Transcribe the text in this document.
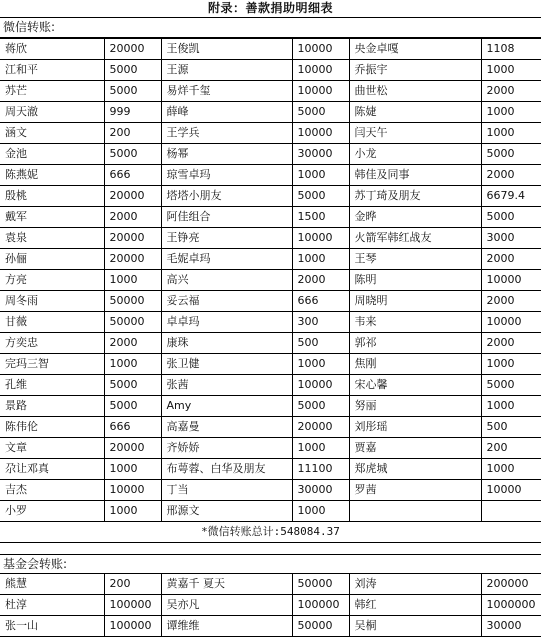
附录：善款捐助明细表
微信转账:
蒋欣	20000	王俊凯	10000	央金卓嘎	1108
江和平	5000	王源	10000	乔振宇	1000
苏芒	5000	易烊千玺	10000	曲世松	2000
周天澈	999	薛峰	5000	陈婕	1000
涵文	200	王学兵	10000	闫天午	1000
金池	5000	杨幂	30000	小龙	5000
陈燕妮	666	琼雪卓玛	1000	韩佳及同事	2000
殷桃	20000	塔塔小朋友	5000	苏丁琦及朋友	6679.4
戴军	2000	阿佳组合	1500	金晔	5000
袁泉	20000	王铮亮	10000	火箭军韩红战友	3000
孙俪	20000	毛妮卓玛	1000	王琴	2000
方亮	1000	高兴	2000	陈明	10000
周冬雨	50000	妥云福	666	周晓明	2000
甘薇	50000	卓卓玛	300	韦来	10000
方奕忠	2000	康珠	500	郭祁	2000
完玛三智	1000	张卫健	1000	焦刚	1000
孔维	5000	张茜	10000	宋心馨	5000
景路	5000	Amy	5000	努丽	1000
陈伟伦	666	高嘉曼	20000	刘彤瑶	500
文章	20000	齐娇娇	1000	贾嘉	200
尕让邓真	1000	布萼蓉、白华及朋友	11100	郑虎城	1000
吉杰	10000	丁当	30000	罗茜	10000
小罗	1000	邢源文	1000		
*微信转账总计:548084.37
基金会转账:
熊慧	200	黄嘉千 夏天	50000	刘涛	200000
杜淳	100000	吴亦凡	100000	韩红	1000000
张一山	100000	谭维维	50000	吴桐	30000
